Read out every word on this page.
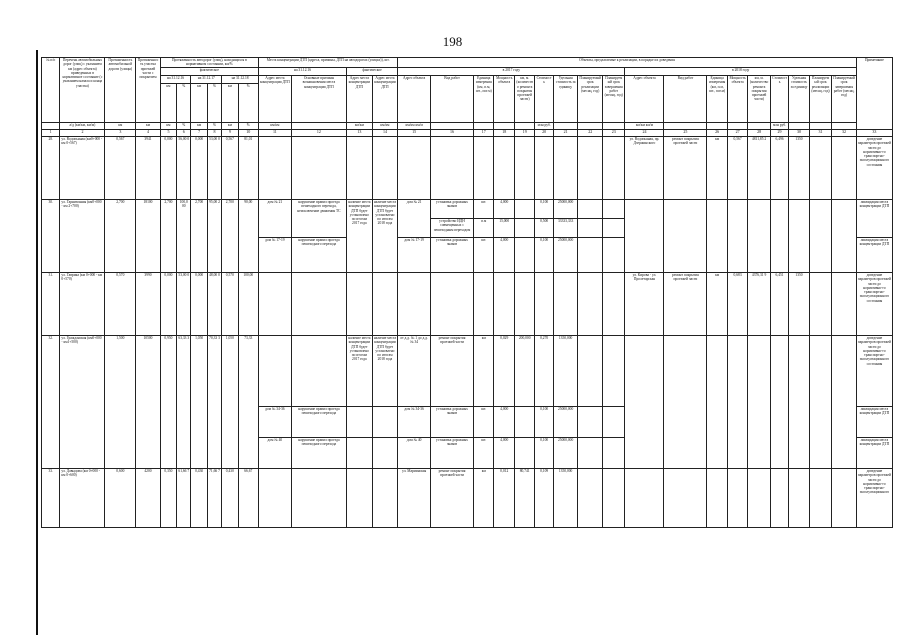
198
№ п/п	Перечень автомобильных дорог (улиц) с указанием км (адрес объекта) приведенных в нормативное состояние (с указанием начала и конца участка)	Протяженность автомобильной дороги (улицы)	Протяженность участка проезжей части с покрытием	Протяженность автодорог (улиц), находящихся в нормативном состоянии, км/%						Места концентрации ДТП (адреса, причины, ДТП на автодорогах (улицах)), шт.				Объекты, предлагаемые к реализации, в порядке их доведения																		Примечание
				фактическое						на 31.12.16		фактическое		в 2017 году									в 2018 году									
				на 31.12.16		на 31.12.17		на 31.12.18		Адрес места концентрации ДТП	Основные причины возникновения места концентрации ДТП	Адрес места концентрации ДТП	Адрес места концентрации ДТП	Адрес объекта	Вид работ	Единица измерения (км, п.м, шт., пог.м)	Мощность объекта	км, м. (количество ремонта покрытия проезжей части)	Стоимость	Удельная стоимость за единицу	Планируемый срок реализации (месяц, год)	Планируемый срок завершения работ (месяц, год)	Адрес объекта	Вид работ	Единица измерения (км, п.м, шт., пог.м)	Мощность объекта	км, м. (количество ремонта покрытия проезжей части)	Стоимость	Удельная стоимость за единицу	Планируемый срок реализации (месяц, год)	Планируемый срок завершения работ (месяц, год)	
				км	%	км	%	км	%																							
	а/д (км/км, км/м)	км	км	км	%	км	%	км	%	км/км		км/км	км/км	км/км км/м					млн руб.				км/км км/м					млн руб.				
1	2	3	4	5	6	7	8	9	10	11	12	13	14	15	16	17	18	19	20	21	22	23	24	25	26	27	28	29	30	31	32	33
28.	ул. Водопьяная (км0+000 - км 0+567)	0,567	3941	0,000	56,00 0	0,000	53,00 0	0,567	81,01														ул. Водопьяная, пр. Дзержинского	ремонт покрытия проезжей части	км	0,567	4811,85 2	6,496	1350			доведение параметров проезжей части до нормативно-го транспортно-эксплуатационного состояния
30.	ул. Гарнизонная (км0+000 - км 2+700)	2,700	18100	2,700	100,0 00	2,700	95,00 2	2,700	90,00	дом № 21	нарушение правил проезда пешеходного перехода, неисключение движения ТС	наличие места концентрации ДТП будет установлено по итогам 2017 года	наличие места концентрации ДТП будет установлено по итогам 2018 года	дом № 21	установка дорожных знаков	шт.	4,000		0,100	25000,000												ликвидация места концентрации ДТП
															устройство ИДН совмещенных с пешеходным переходом	п.м	15,000		0,500	33333,333												
										дом № 17-19	нарушение правил проезда пешеходного перехода			дом № 17-19	установка дорожных знаков	шт.	4,000		0,100	25000,000												ликвидация места концентрации ДТП
31.	ул. Гаврика (км 0+000 - км 0+570)	0,570	3990	0,000	53,00 0	0,000	48,00 0	0,570	100,00														ул. Кирова - ул. Пролетарская	ремонт покрытия проезжей части	км	0,683	4376,31 9	6,451	1350			доведение параметров проезжей части до нормативно-го транспортно-эксплуатационного состояния
32.	ул. Гражданская (км0+000 - км1+500)	1,500	10500	0,950	63,33 3	1,050	70,33 3	1,050	73,33			наличие места концентрации ДТП будет установлено по итогам 2017 года	наличие места концентрации ДТП будет установлено по итогам 2018 года	от д.д. № 1 до д.д. № 34	ремонт покрытия проезжей части	км	0,029	200,000	0,270	1350,000												доведение параметров проезжей части до нормативно-го транспортно-эксплуатационного состояния
										дом № 34-36	нарушение правил проезда пешеходного перехода			дом № 34-36	установка дорожных знаков	шт.	4,000		0,100	25000,000												ликвидация места концентрации ДТП
										дом № 40	нарушение правил проезда пешеходного перехода			дом № 40	установка дорожных знаков	шт.	4,000		0,100	25000,000												ликвидация места концентрации ДТП
33.	ул. Давыдова (км 0+000 - км 0+600)	0,600	4200	0,350	61,66 7	0,430	71,66 7	0,430	66,67					ул. Мариинская	ремонт покрытия проезжей части	км	0,012	80,741	0,109	1350,000												доведение параметров проезжей части до нормативно-го транспортно-эксплуатационного
